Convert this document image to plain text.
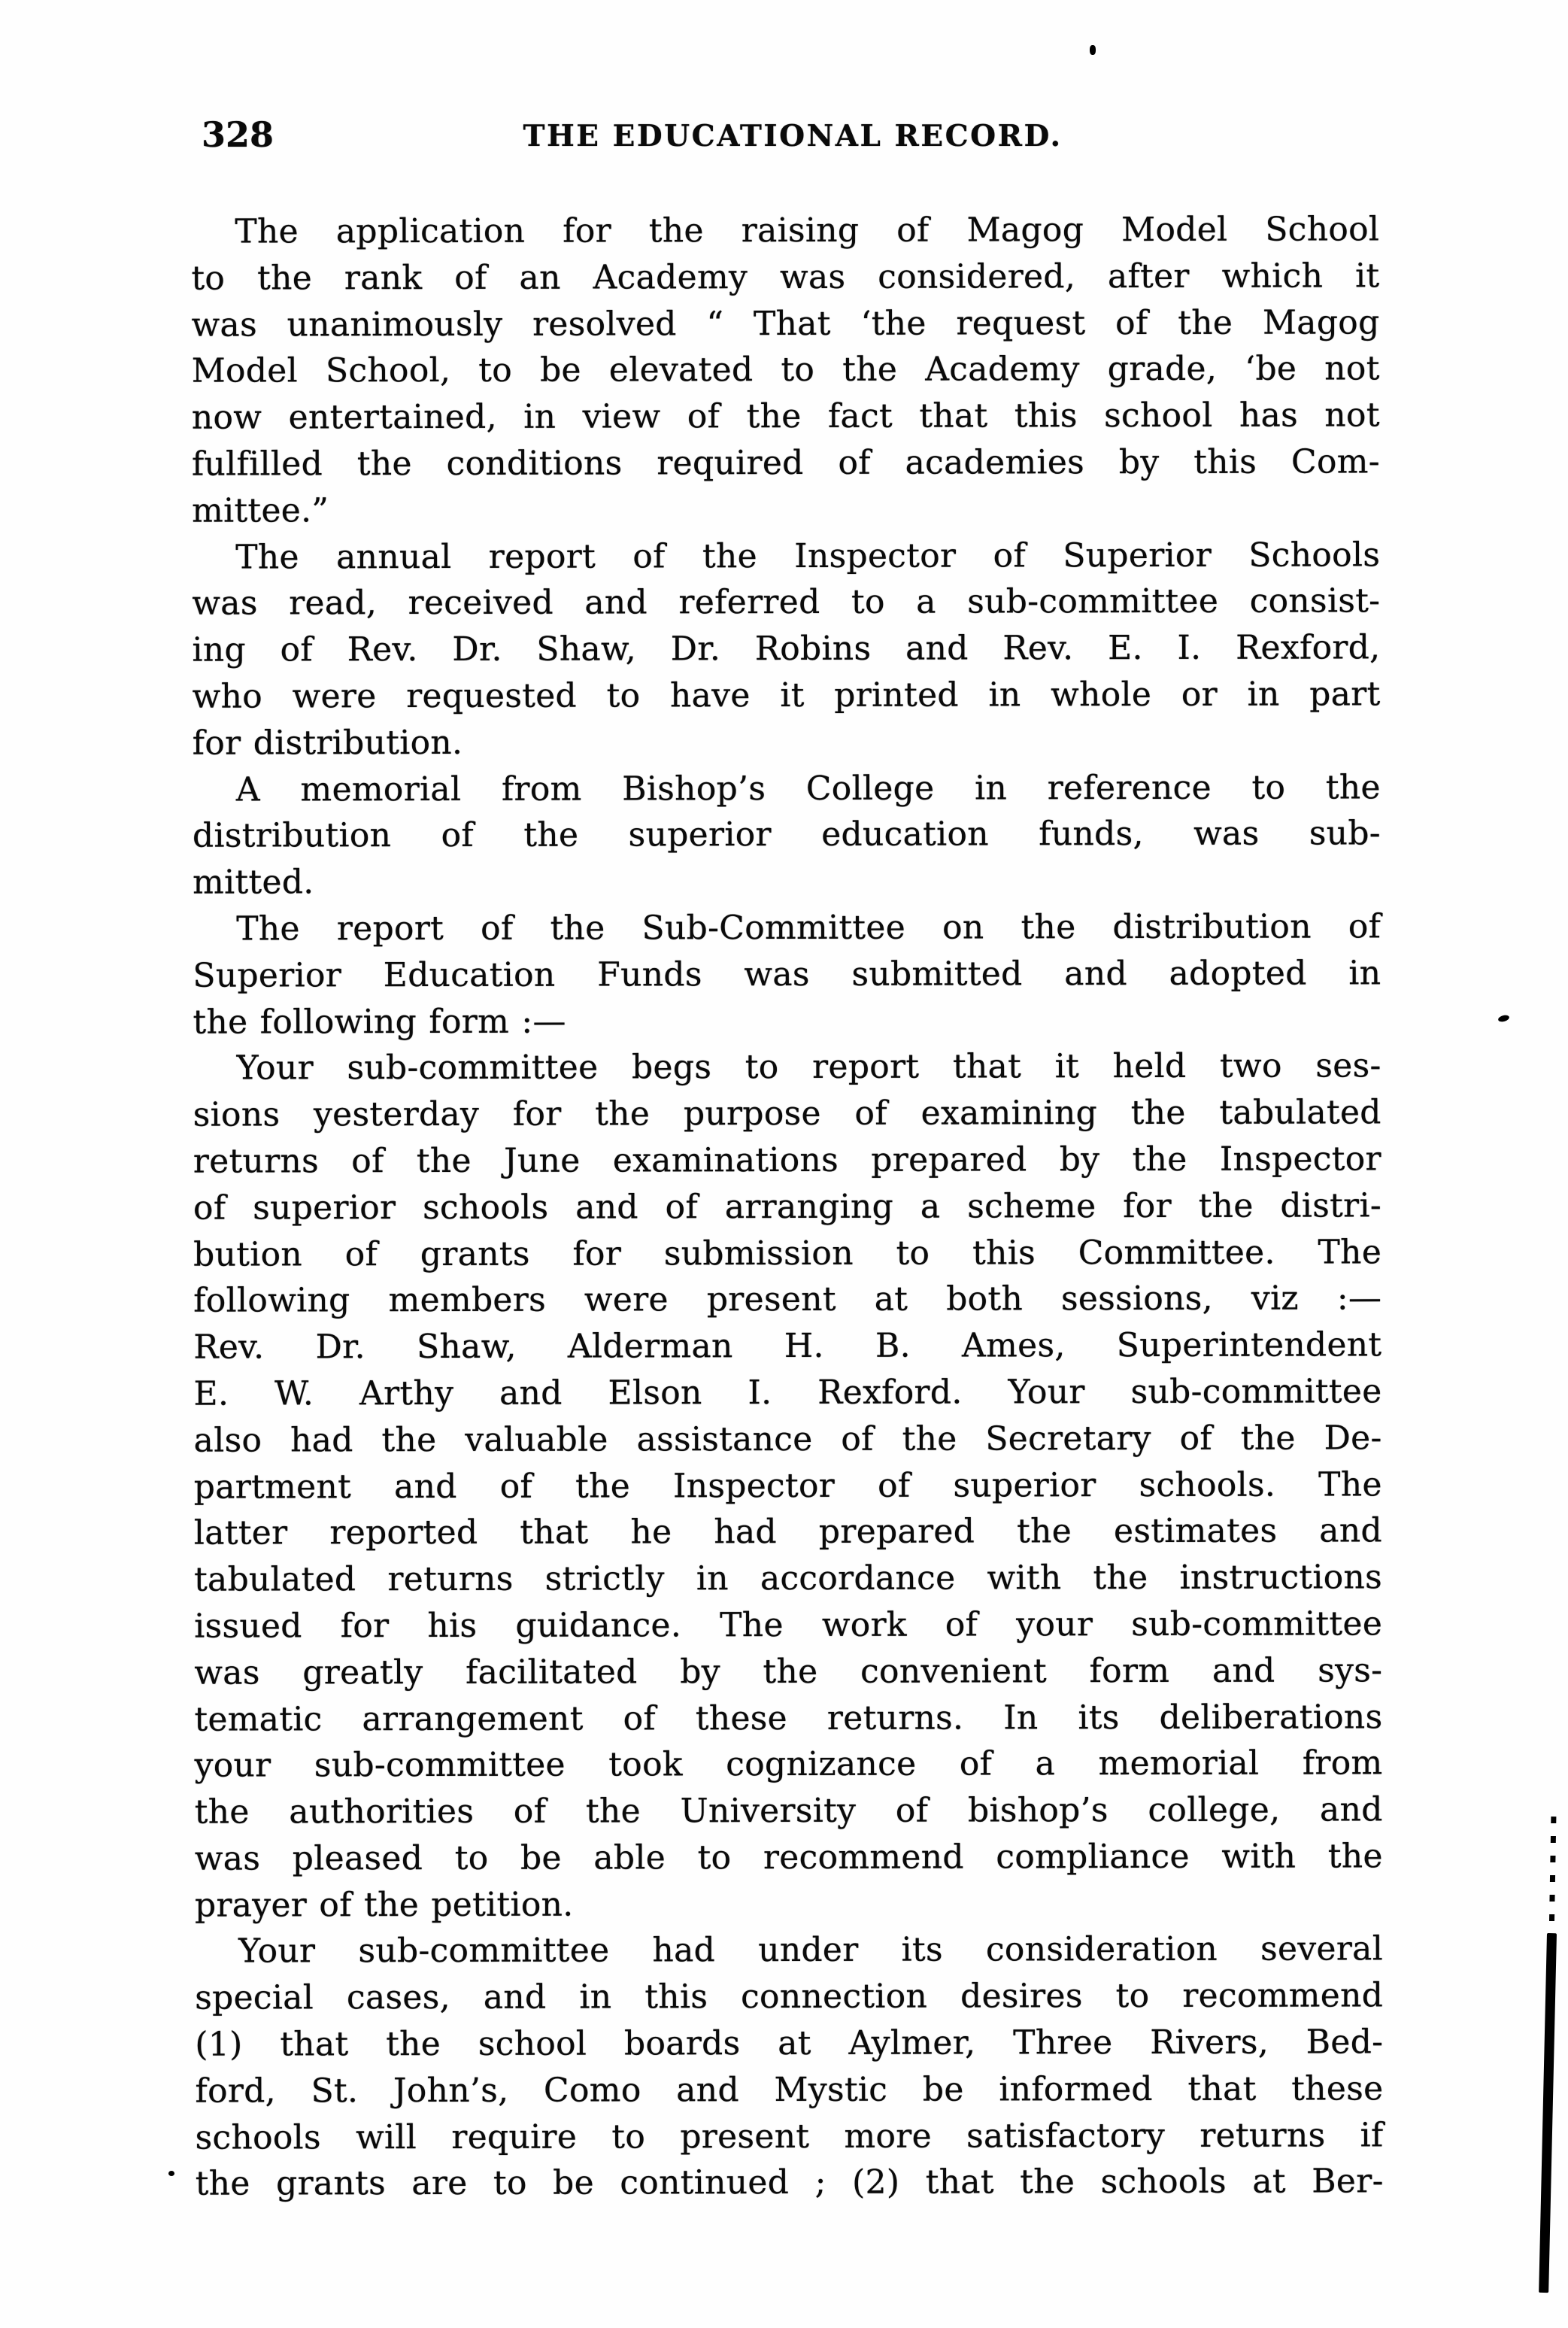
328	THE EDUCATIONAL RECORD.
The application for the raising of Magog Model School
to the rank of an Academy was considered, after which it
was unanimously resolved “ That ‘the request of the Magog
Model School, to be elevated to the Academy grade, ‘be not
now entertained, in view of the fact that this school has not
fulfilled the conditions required of academies by this Com-
mittee.”
The annual report of the Inspector of Superior Schools
was read, received and referred to a sub-committee consist-
ing of Rev. Dr. Shaw, Dr. Robins and Rev. E. I. Rexford,
who were requested to have it printed in whole or in part
for distribution.
A memorial from Bishop’s College in reference to the
distribution of the superior education funds, was sub-
mitted.
The report of the Sub-Committee on the distribution of
Superior Education Funds was submitted and adopted in
the following form :—
Your sub-committee begs to report that it held two ses-
sions yesterday for the purpose of examining the tabulated
returns of the June examinations prepared by the Inspector
of superior schools and of arranging a scheme for the distri-
bution of grants for submission to this Committee. The
following members were present at both sessions, viz :—
Rev. Dr. Shaw, Alderman H. B. Ames, Superintendent
E. W. Arthy and Elson I. Rexford. Your sub-committee
also had the valuable assistance of the Secretary of the De-
partment and of the Inspector of superior schools. The
latter reported that he had prepared the estimates and
tabulated returns strictly in accordance with the instructions
issued for his guidance. The work of your sub-committee
was greatly facilitated by the convenient form and sys-
tematic arrangement of these returns. In its deliberations
your sub-committee took cognizance of a memorial from
the authorities of the University of bishop’s college, and
was pleased to be able to recommend compliance with the
prayer of the petition.
Your sub-committee had under its consideration several
special cases, and in this connection desires to recommend
(1) that the school boards at Aylmer, Three Rivers, Bed-
ford, St. John’s, Como and Mystic be informed that these
schools will require to present more satisfactory returns if
the grants are to be continued ; (2) that the schools at Ber-
